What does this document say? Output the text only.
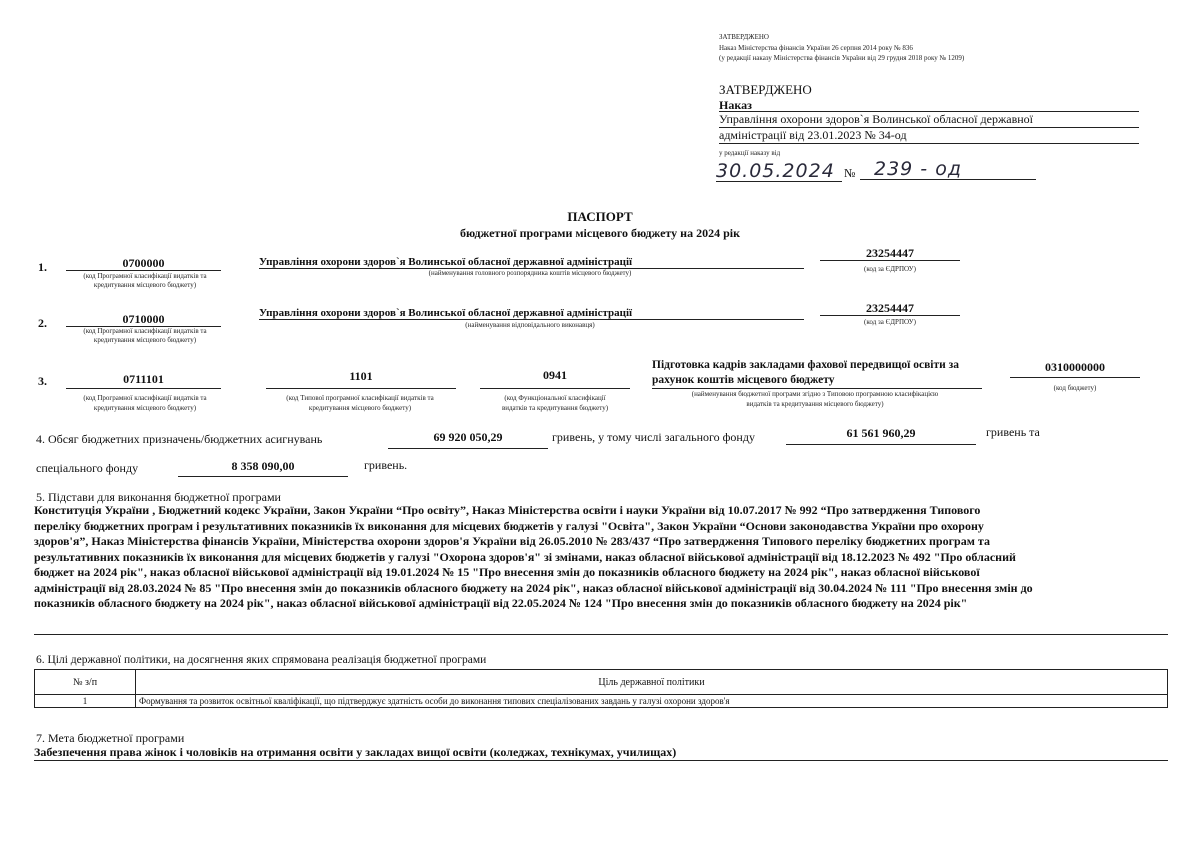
ЗАТВЕРДЖЕНО
Наказ Міністерства фінансів України 26 серпня 2014 року № 836
(у редакції наказу Міністерства фінансів України від 29 грудня 2018 року № 1209)
ЗАТВЕРДЖЕНО
Наказ
Управління охорони здоров`я Волинської обласної державної
адміністрації від 23.01.2023 № 34-од
у редакції наказу від
30.05.2024 № 239 - од
ПАСПОРТ
бюджетної програми місцевого бюджету на 2024 рік
1.	0700000
(код Програмної класифікації видатків та
кредитування місцевого бюджету)
Управління охорони здоров`я Волинської обласної державної адміністрації
(найменування головного розпорядника коштів місцевого бюджету)
23254447
(код за ЄДРПОУ)
2.	0710000
(код Програмної класифікації видатків та
кредитування місцевого бюджету)
Управління охорони здоров`я Волинської обласної державної адміністрації
(найменування відповідального виконавця)
23254447
(код за ЄДРПОУ)
3.	0711101
(код Програмної класифікації видатків та
кредитування місцевого бюджету)
1101
(код Типової програмної класифікації видатків та
кредитування місцевого бюджету)
0941
(код Функціональної класифікації
видатків та кредитування бюджету)
Підготовка кадрів закладами фахової передвищої освіти за
рахунок коштів місцевого бюджету
(найменування бюджетної програми згідно з Типовою програмною класифікацією
видатків та кредитування місцевого бюджету)
0310000000
(код бюджету)
4. Обсяг бюджетних призначень/бюджетних асигнувань	69 920 050,29	гривень, у тому числі загального фонду	61 561 960,29	гривень та
спеціального фонду	8 358 090,00	гривень.
5. Підстави для виконання бюджетної програми

Конституція України , Бюджетний кодекс України, Закон України “Про освіту”, Наказ Міністерства освіти і науки України від 10.07.2017 № 992 “Про затвердження Типового

переліку бюджетних програм і результативних показників їх виконання для місцевих бюджетів у галузі "Освіта", Закон України “Основи законодавства України про охорону

здоров'я”, Наказ Міністерства фінансів України, Міністерства охорони здоров'я України від 26.05.2010 № 283/437 “Про затвердження Типового переліку бюджетних програм та

результативних показників їх виконання для місцевих бюджетів у галузі "Охорона здоров'я" зі змінами, наказ обласної військової адміністрації від 18.12.2023 № 492 "Про обласний

бюджет на 2024 рік", наказ обласної військової адміністрації від 19.01.2024 № 15 "Про внесення змін до показників обласного бюджету на 2024 рік", наказ обласної військової

адміністрації від 28.03.2024 № 85 "Про внесення змін до показників обласного бюджету на 2024 рік", наказ обласної військової адміністрації від 30.04.2024 № 111 "Про внесення змін до

показників обласного бюджету на 2024 рік", наказ обласної військової адміністрації від 22.05.2024 № 124 "Про внесення змін до показників обласного бюджету на 2024 рік"

6. Цілі державної політики, на досягнення яких спрямована реалізація бюджетної програми
№ з/п	Ціль державної політики
1	Формування та розвиток освітньої кваліфікації, що підтверджує здатність особи до виконання типових спеціалізованих завдань у галузі охорони здоров'я
7. Мета бюджетної програми
Забезпечення права жінок і чоловіків на отримання освіти у закладах вищої освіти (коледжах, технікумах, училищах)
